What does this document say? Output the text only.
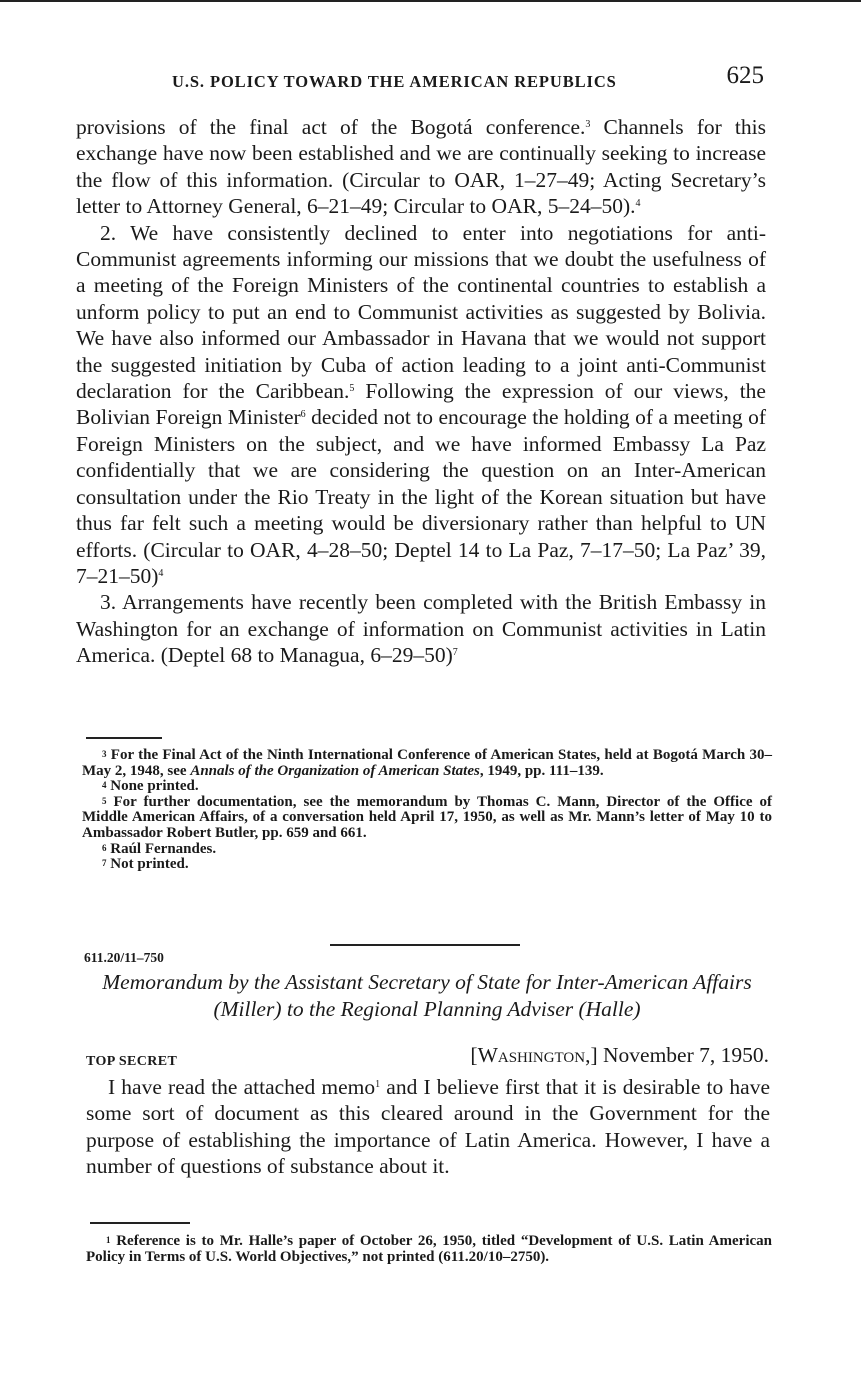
U.S. POLICY TOWARD THE AMERICAN REPUBLICS	625

provisions of the final act of the Bogotá conference.$^3$ Channels for this exchange have now been established and we are continually seeking to increase the flow of this information. (Circular to OAR, 1–27–49; Acting Secretary’s letter to Attorney General, 6–21–49; Circular to OAR, 5–24–50).$^4$

2. We have consistently declined to enter into negotiations for anti-Communist agreements informing our missions that we doubt the usefulness of a meeting of the Foreign Ministers of the continental countries to establish a unform policy to put an end to Communist activities as suggested by Bolivia. We have also informed our Ambassador in Havana that we would not support the suggested initiation by Cuba of action leading to a joint anti-Communist declaration for the Caribbean.$^5$ Following the expression of our views, the Bolivian Foreign Minister$^6$ decided not to encourage the holding of a meeting of Foreign Ministers on the subject, and we have informed Embassy La Paz confidentially that we are considering the question on an Inter-American consultation under the Rio Treaty in the light of the Korean situation but have thus far felt such a meeting would be diversionary rather than helpful to UN efforts. (Circular to OAR, 4–28–50; Deptel 14 to La Paz, 7–17–50; La Paz’ 39, 7–21–50)$^4$

3. Arrangements have recently been completed with the British Embassy in Washington for an exchange of information on Communist activities in Latin America. (Deptel 68 to Managua, 6–29–50)$^7$

$^3$ For the Final Act of the Ninth International Conference of American States, held at Bogotá March 30–May 2, 1948, see Annals of the Organization of American States, 1949, pp. 111–139.

$^4$ None printed.

$^5$ For further documentation, see the memorandum by Thomas C. Mann, Director of the Office of Middle American Affairs, of a conversation held April 17, 1950, as well as Mr. Mann’s letter of May 10 to Ambassador Robert Butler, pp. 659 and 661.

$^6$ Raúl Fernandes.

$^7$ Not printed.

611.20/11–750
Memorandum by the Assistant Secretary of State for Inter-American Affairs (Miller) to the Regional Planning Adviser (Halle)
TOP SECRET	[Washington,] November 7, 1950.

I have read the attached memo$^1$ and I believe first that it is desirable to have some sort of document as this cleared around in the Government for the purpose of establishing the importance of Latin America. However, I have a number of questions of substance about it.

$^1$ Reference is to Mr. Halle’s paper of October 26, 1950, titled “Development of U.S. Latin American Policy in Terms of U.S. World Objectives,” not printed (611.20/10–2750).
